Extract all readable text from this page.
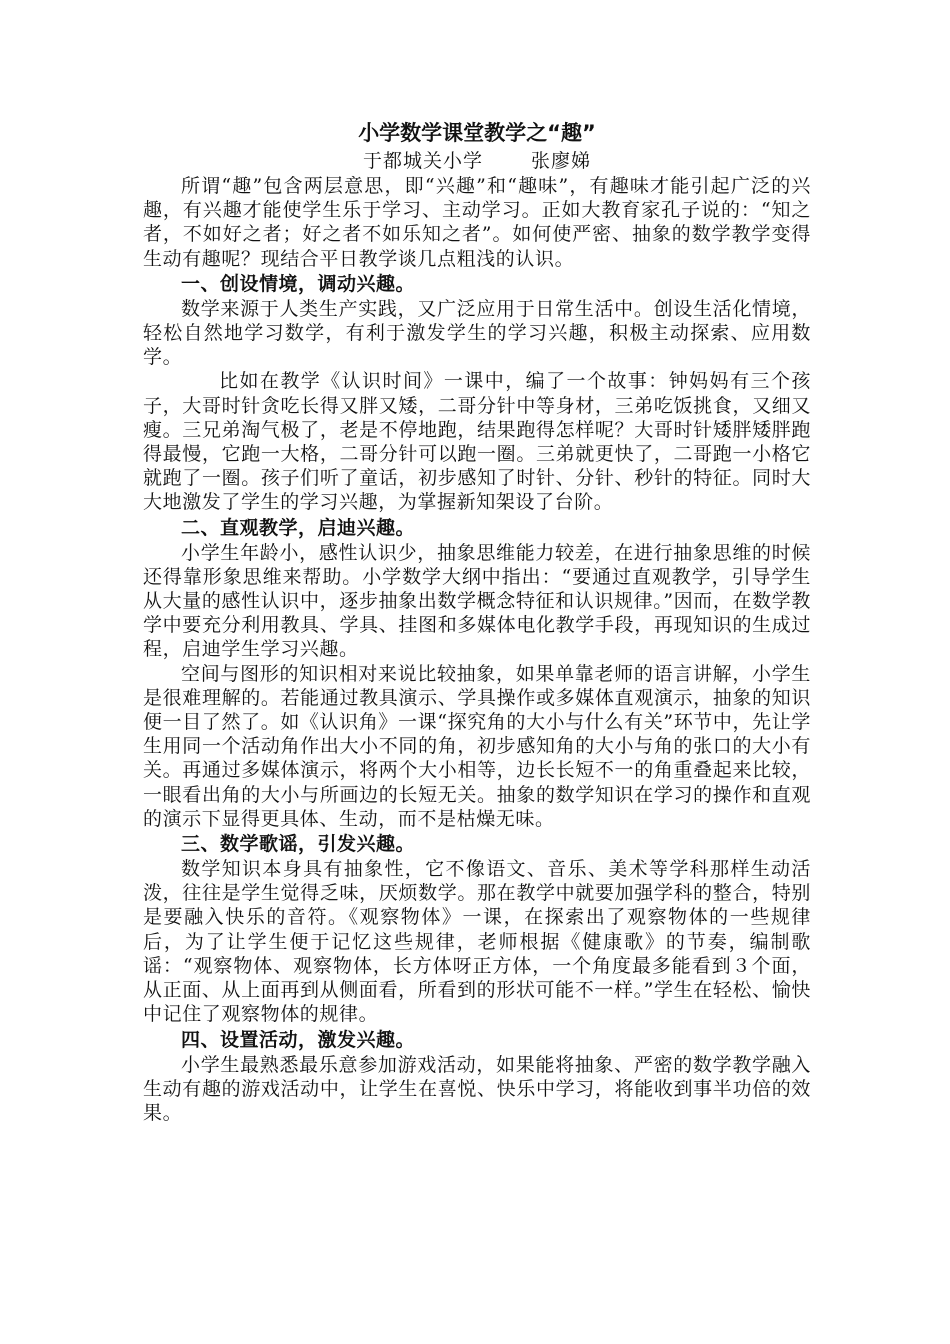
小学数学课堂教学之“趣”
于都城关小学	张廖娣

所谓“趣”包含两层意思，即“兴趣”和“趣味”，有趣味才能引起广泛的兴趣，有兴趣才能使学生乐于学习、主动学习。正如大教育家孔子说的：“知之者，不如好之者；好之者不如乐知之者”。如何使严密、抽象的数学教学变得生动有趣呢？现结合平日教学谈几点粗浅的认识。

一、创设情境，调动兴趣。

数学来源于人类生产实践，又广泛应用于日常生活中。创设生活化情境，轻松自然地学习数学，有利于激发学生的学习兴趣，积极主动探索、应用数学。

比如在教学《认识时间》一课中，编了一个故事：钟妈妈有三个孩子，大哥时针贪吃长得又胖又矮，二哥分针中等身材，三弟吃饭挑食，又细又瘦。三兄弟淘气极了，老是不停地跑，结果跑得怎样呢？大哥时针矮胖矮胖跑得最慢，它跑一大格，二哥分针可以跑一圈。三弟就更快了，二哥跑一小格它就跑了一圈。孩子们听了童话，初步感知了时针、分针、秒针的特征。同时大大地激发了学生的学习兴趣，为掌握新知架设了台阶。

二、直观教学，启迪兴趣。

小学生年龄小，感性认识少，抽象思维能力较差，在进行抽象思维的时候还得靠形象思维来帮助。小学数学大纲中指出：“要通过直观教学，引导学生从大量的感性认识中，逐步抽象出数学概念特征和认识规律。”因而，在数学教学中要充分利用教具、学具、挂图和多媒体电化教学手段，再现知识的生成过程，启迪学生学习兴趣。

空间与图形的知识相对来说比较抽象，如果单靠老师的语言讲解，小学生是很难理解的。若能通过教具演示、学具操作或多媒体直观演示，抽象的知识便一目了然了。如《认识角》一课“探究角的大小与什么有关”环节中，先让学生用同一个活动角作出大小不同的角，初步感知角的大小与角的张口的大小有关。再通过多媒体演示，将两个大小相等，边长长短不一的角重叠起来比较，一眼看出角的大小与所画边的长短无关。抽象的数学知识在学习的操作和直观的演示下显得更具体、生动，而不是枯燥无味。

三、数学歌谣，引发兴趣。

数学知识本身具有抽象性，它不像语文、音乐、美术等学科那样生动活泼，往往是学生觉得乏味，厌烦数学。那在教学中就要加强学科的整合，特别是要融入快乐的音符。《观察物体》一课，在探索出了观察物体的一些规律后，为了让学生便于记忆这些规律，老师根据《健康歌》的节奏，编制歌谣：“观察物体、观察物体，长方体呀正方体，一个角度最多能看到３个面，从正面、从上面再到从侧面看，所看到的形状可能不一样。”学生在轻松、愉快中记住了观察物体的规律。

四、设置活动，激发兴趣。

小学生最熟悉最乐意参加游戏活动，如果能将抽象、严密的数学教学融入生动有趣的游戏活动中，让学生在喜悦、快乐中学习，将能收到事半功倍的效果。
